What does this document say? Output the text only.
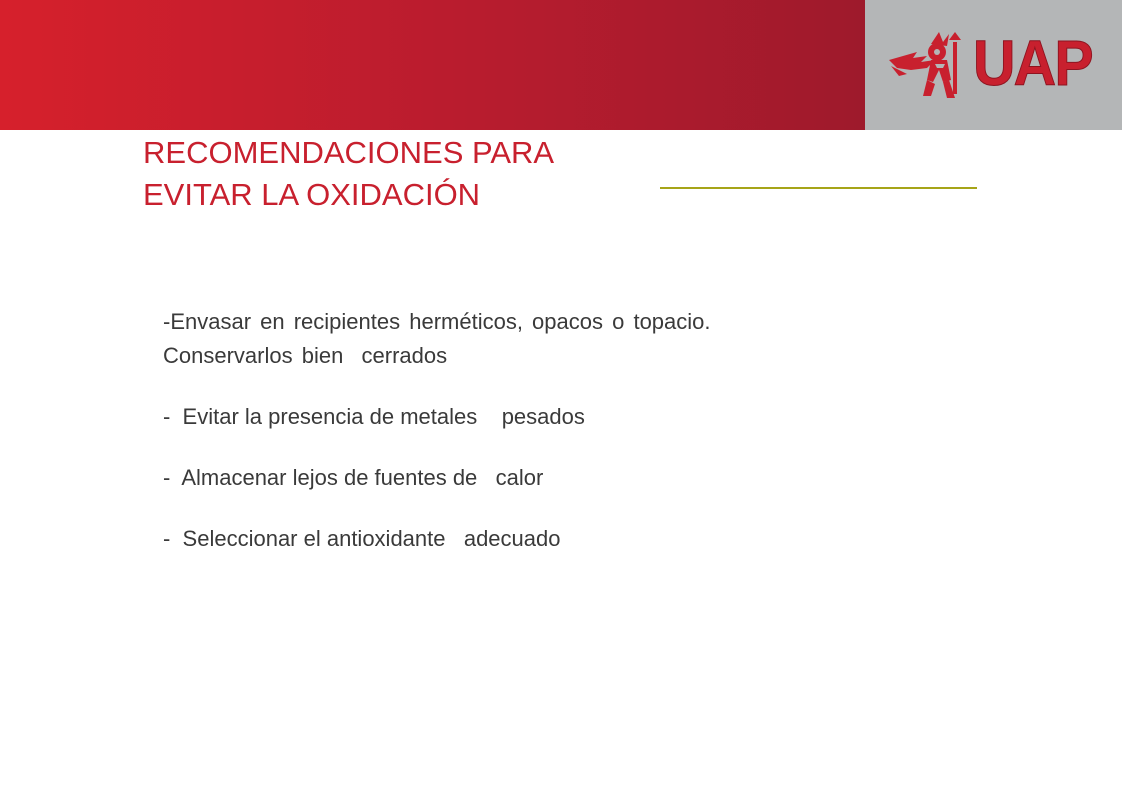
UAP
RECOMENDACIONES PARA
EVITAR LA OXIDACIÓN
-Envasar en recipientes herméticos, opacos o topacio.
Conservarlos bien  cerrados
-  Evitar la presencia de metales    pesados
-  Almacenar lejos de fuentes de   calor
-  Seleccionar el antioxidante   adecuado
